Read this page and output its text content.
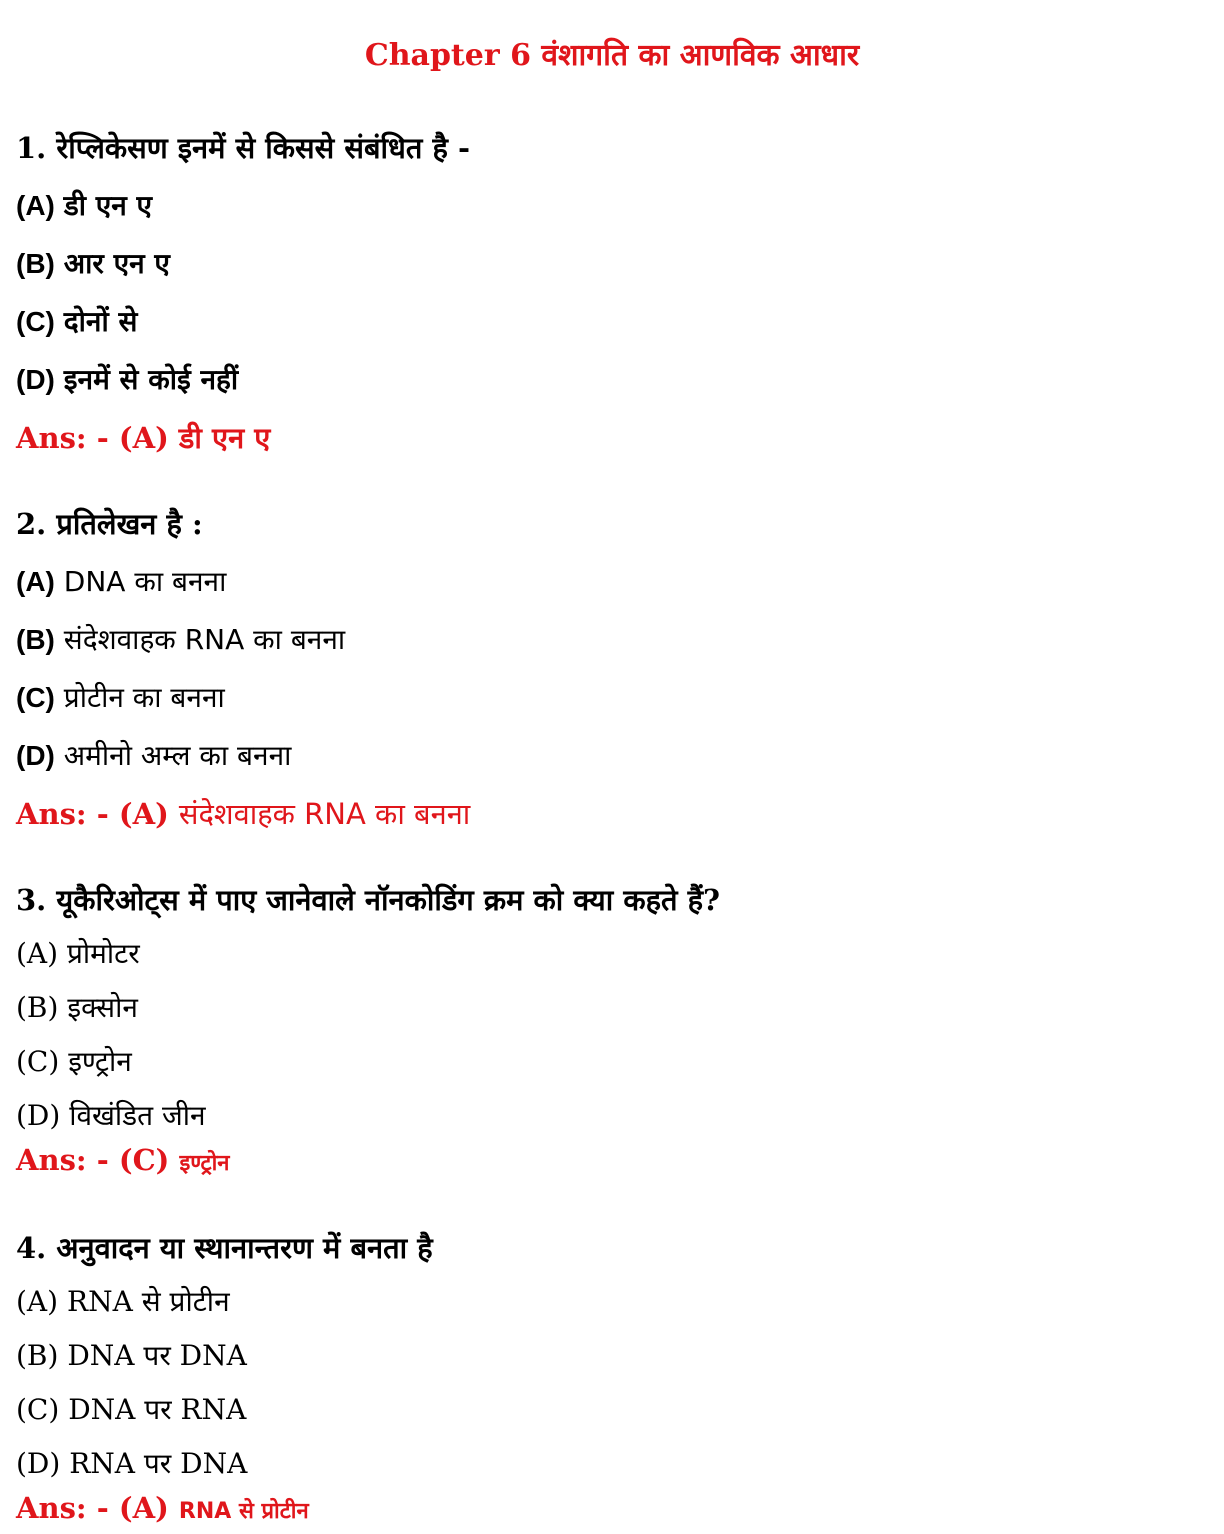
Chapter 6 वंशागति का आणविक आधार
1. रेप्लिकेसण इनमें से किससे संबंधित है -
(A) डी एन ए
(B) आर एन ए
(C) दोनों से
(D) इनमें से कोई नहीं
Ans: - (A) डी एन ए
2. प्रतिलेखन है :
(A) DNA का बनना
(B) संदेशवाहक RNA का बनना
(C) प्रोटीन का बनना
(D) अमीनो अम्ल का बनना
Ans: - (A) संदेशवाहक RNA का बनना
3. यूकैरिओट्स में पाए जानेवाले नॉनकोडिंग क्रम को क्या कहते हैं?
(A) प्रोमोटर
(B) इक्सोन
(C) इण्ट्रोन
(D) विखंडित जीन
Ans: - (C) इण्ट्रोन
4. अनुवादन या स्थानान्तरण में बनता है
(A) RNA से प्रोटीन
(B) DNA पर DNA
(C) DNA पर RNA
(D) RNA पर DNA
Ans: - (A) RNA से प्रोटीन
